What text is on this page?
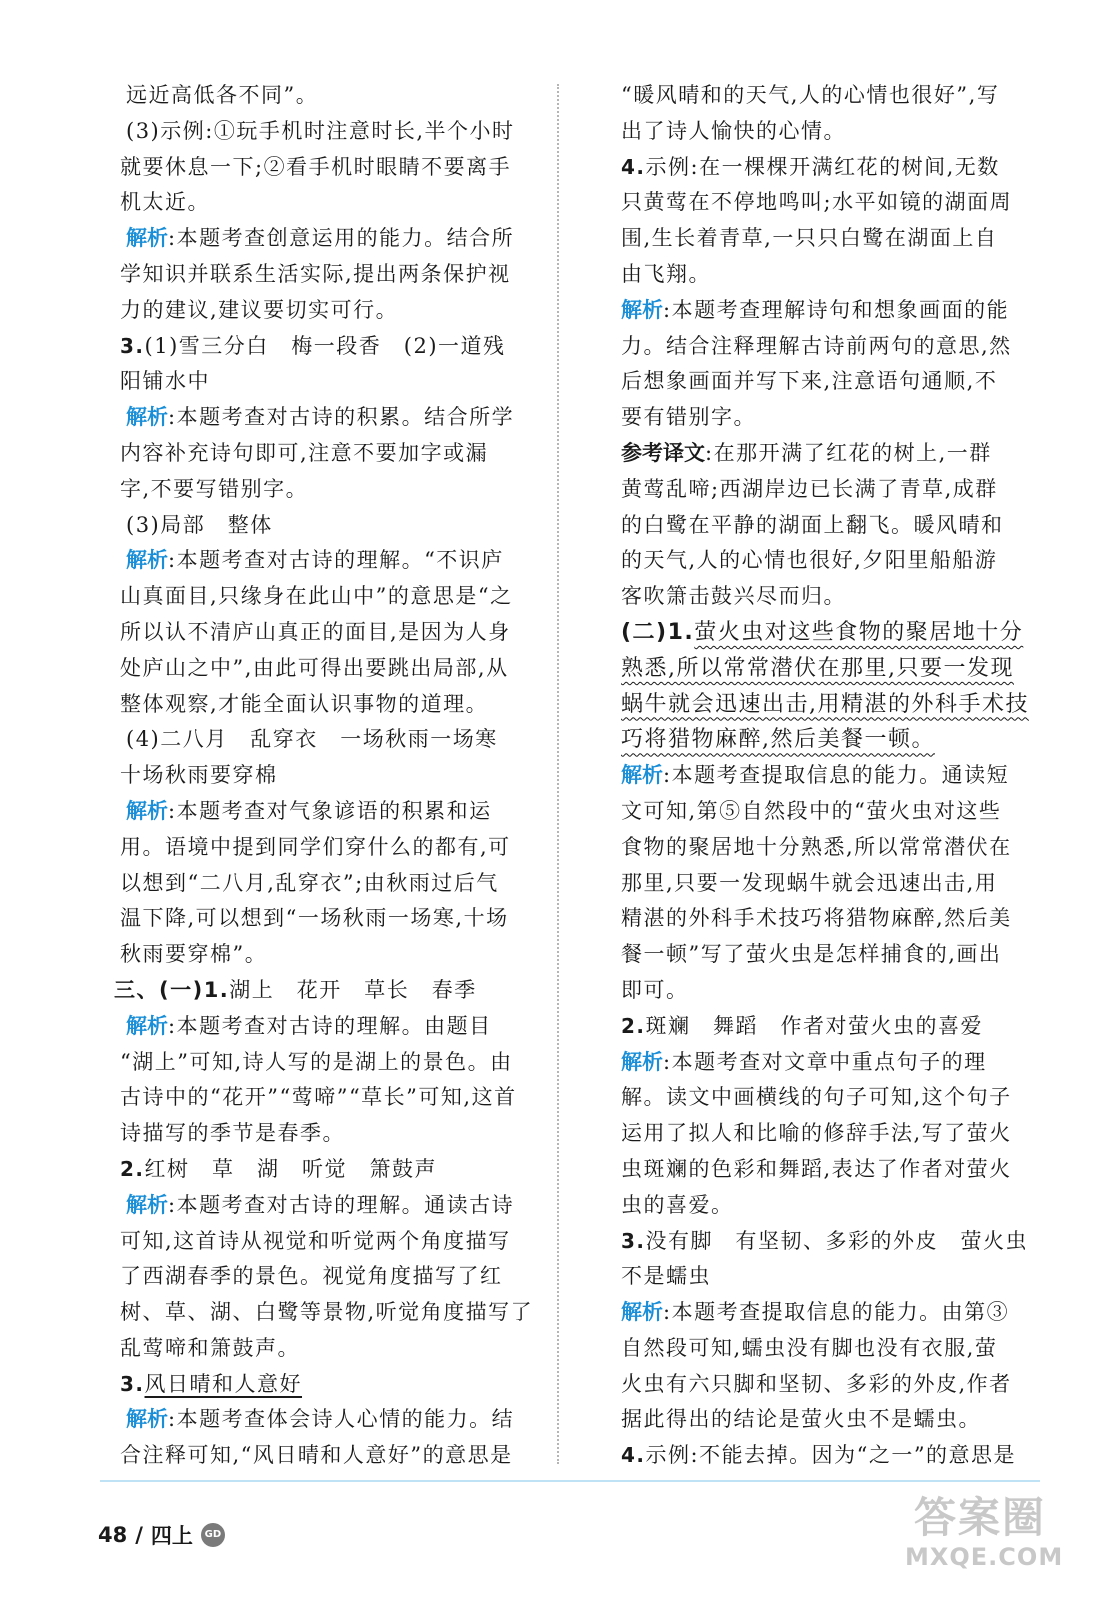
远近高低各不同”。

(3)示例:①玩手机时注意时长,半个小时

就要休息一下;②看手机时眼睛不要离手

机太近。

解析:本题考查创意运用的能力。结合所

学知识并联系生活实际,提出两条保护视

力的建议,建议要切实可行。

3.(1)雪三分白　梅一段香　(2)一道残

阳铺水中

解析:本题考查对古诗的积累。结合所学

内容补充诗句即可,注意不要加字或漏

字,不要写错别字。

(3)局部　整体

解析:本题考查对古诗的理解。“不识庐

山真面目,只缘身在此山中”的意思是“之

所以认不清庐山真正的面目,是因为人身

处庐山之中”,由此可得出要跳出局部,从

整体观察,才能全面认识事物的道理。

(4)二八月　乱穿衣　一场秋雨一场寒

十场秋雨要穿棉

解析:本题考查对气象谚语的积累和运

用。语境中提到同学们穿什么的都有,可

以想到“二八月,乱穿衣”;由秋雨过后气

温下降,可以想到“一场秋雨一场寒,十场

秋雨要穿棉”。

三、(一)1.湖上　花开　草长　春季

解析:本题考查对古诗的理解。由题目

“湖上”可知,诗人写的是湖上的景色。由

古诗中的“花开”“莺啼”“草长”可知,这首

诗描写的季节是春季。

2.红树　草　湖　听觉　箫鼓声

解析:本题考查对古诗的理解。通读古诗

可知,这首诗从视觉和听觉两个角度描写

了西湖春季的景色。视觉角度描写了红

树、草、湖、白鹭等景物,听觉角度描写了

乱莺啼和箫鼓声。

3.风日晴和人意好

解析:本题考查体会诗人心情的能力。结

合注释可知,“风日晴和人意好”的意思是

“暖风晴和的天气,人的心情也很好”,写

出了诗人愉快的心情。

4.示例:在一棵棵开满红花的树间,无数

只黄莺在不停地鸣叫;水平如镜的湖面周

围,生长着青草,一只只白鹭在湖面上自

由飞翔。

解析:本题考查理解诗句和想象画面的能

力。结合注释理解古诗前两句的意思,然

后想象画面并写下来,注意语句通顺,不

要有错别字。

参考译文:在那开满了红花的树上,一群

黄莺乱啼;西湖岸边已长满了青草,成群

的白鹭在平静的湖面上翻飞。暖风晴和

的天气,人的心情也很好,夕阳里船船游

客吹箫击鼓兴尽而归。

(二)1.萤火虫对这些食物的聚居地十分

熟悉,所以常常潜伏在那里,只要一发现

蜗牛就会迅速出击,用精湛的外科手术技

巧将猎物麻醉,然后美餐一顿。

解析:本题考查提取信息的能力。通读短

文可知,第⑤自然段中的“萤火虫对这些

食物的聚居地十分熟悉,所以常常潜伏在

那里,只要一发现蜗牛就会迅速出击,用

精湛的外科手术技巧将猎物麻醉,然后美

餐一顿”写了萤火虫是怎样捕食的,画出

即可。

2.斑斓　舞蹈　作者对萤火虫的喜爱

解析:本题考查对文章中重点句子的理

解。读文中画横线的句子可知,这个句子

运用了拟人和比喻的修辞手法,写了萤火

虫斑斓的色彩和舞蹈,表达了作者对萤火

虫的喜爱。

3.没有脚　有坚韧、多彩的外皮　萤火虫

不是蠕虫

解析:本题考查提取信息的能力。由第③

自然段可知,蠕虫没有脚也没有衣服,萤

火虫有六只脚和坚韧、多彩的外皮,作者

据此得出的结论是萤火虫不是蠕虫。

4.示例:不能去掉。因为“之一”的意思是

48 / 四上	GD	答案圈
MXQE.COM
